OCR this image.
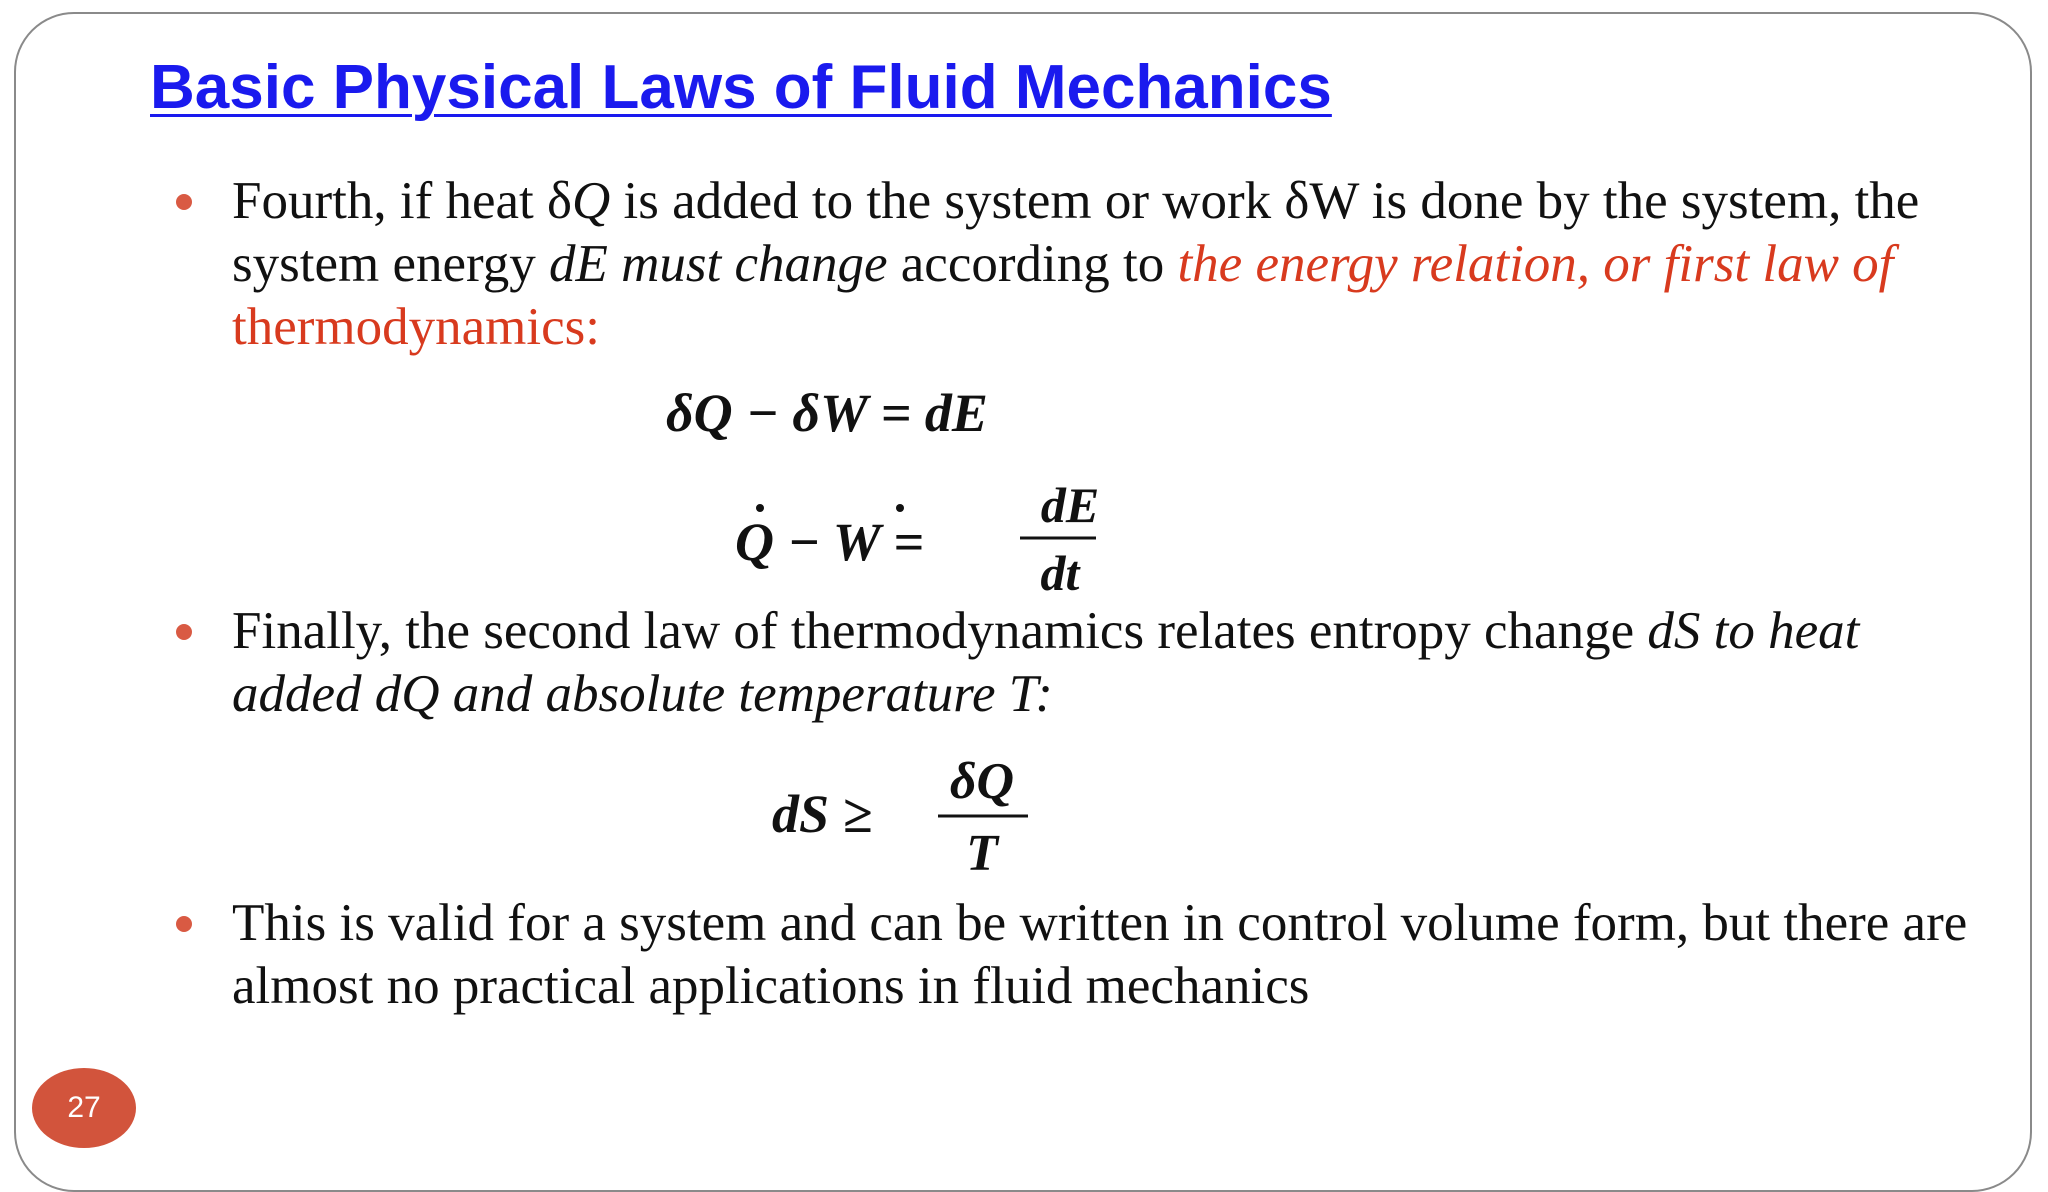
Basic Physical Laws of Fluid Mechanics

Fourth, if heat δQ is added to the system or work δW is done by the system, the system energy dE must change according to the energy relation, or first law of thermodynamics:

δQ − δW = dE
Q − W =
dE
dt

Finally, the second law of thermodynamics relates entropy change dS to heat added dQ and absolute temperature T:

dS ≥
δQ
T

This is valid for a system and can be written in control volume form, but there are almost no practical applications in fluid mechanics

27
